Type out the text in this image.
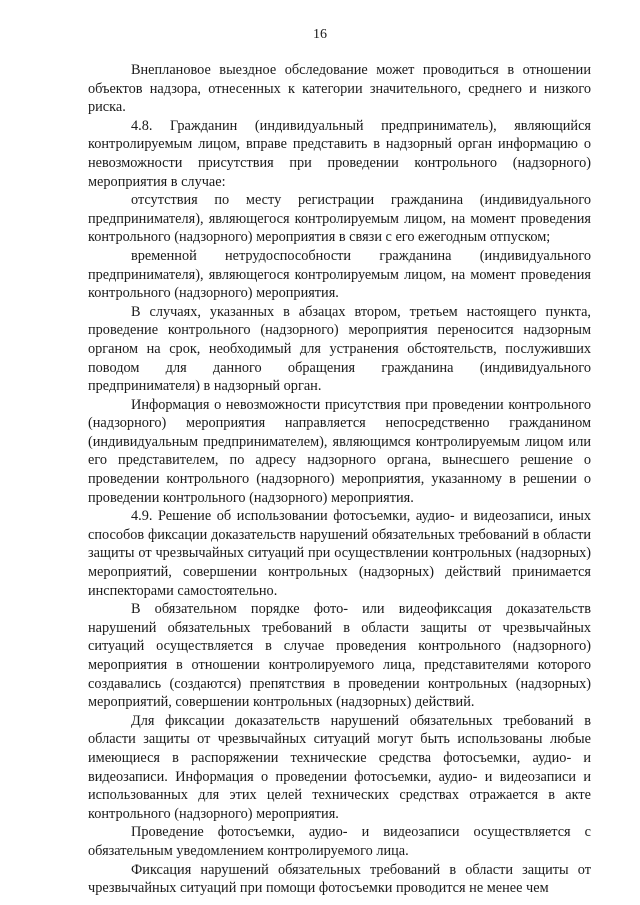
16

Внеплановое выездное обследование может проводиться в отношении объектов надзора, отнесенных к категории значительного, среднего и низкого риска.

4.8. Гражданин (индивидуальный предприниматель), являющийся контролируемым лицом, вправе представить в надзорный орган информацию о невозможности присутствия при проведении контрольного (надзорного) мероприятия в случае:

отсутствия по месту регистрации гражданина (индивидуального предпринимателя), являющегося контролируемым лицом, на момент проведения контрольного (надзорного) мероприятия в связи с его ежегодным отпуском;

временной нетрудоспособности гражданина (индивидуального предпринимателя), являющегося контролируемым лицом, на момент проведения контрольного (надзорного) мероприятия.

В случаях, указанных в абзацах втором, третьем настоящего пункта, проведение контрольного (надзорного) мероприятия переносится надзорным органом на срок, необходимый для устранения обстоятельств, послуживших поводом для данного обращения гражданина (индивидуального предпринимателя) в надзорный орган.

Информация о невозможности присутствия при проведении контрольного (надзорного) мероприятия направляется непосредственно гражданином (индивидуальным предпринимателем), являющимся контролируемым лицом или его представителем, по адресу надзорного органа, вынесшего решение о проведении контрольного (надзорного) мероприятия, указанному в решении о проведении контрольного (надзорного) мероприятия.

4.9. Решение об использовании фотосъемки, аудио- и видеозаписи, иных способов фиксации доказательств нарушений обязательных требований в области защиты от чрезвычайных ситуаций при осуществлении контрольных (надзорных) мероприятий, совершении контрольных (надзорных) действий принимается инспекторами самостоятельно.

В обязательном порядке фото- или видеофиксация доказательств нарушений обязательных требований в области защиты от чрезвычайных ситуаций осуществляется в случае проведения контрольного (надзорного) мероприятия в отношении контролируемого лица, представителями которого создавались (создаются) препятствия в проведении контрольных (надзорных) мероприятий, совершении контрольных (надзорных) действий.

Для фиксации доказательств нарушений обязательных требований в области защиты от чрезвычайных ситуаций могут быть использованы любые имеющиеся в распоряжении технические средства фотосъемки, аудио- и видеозаписи. Информация о проведении фотосъемки, аудио- и видеозаписи и использованных для этих целей технических средствах отражается в акте контрольного (надзорного) мероприятия.

Проведение фотосъемки, аудио- и видеозаписи осуществляется с обязательным уведомлением контролируемого лица.

Фиксация нарушений обязательных требований в области защиты от чрезвычайных ситуаций при помощи фотосъемки проводится не менее чем
